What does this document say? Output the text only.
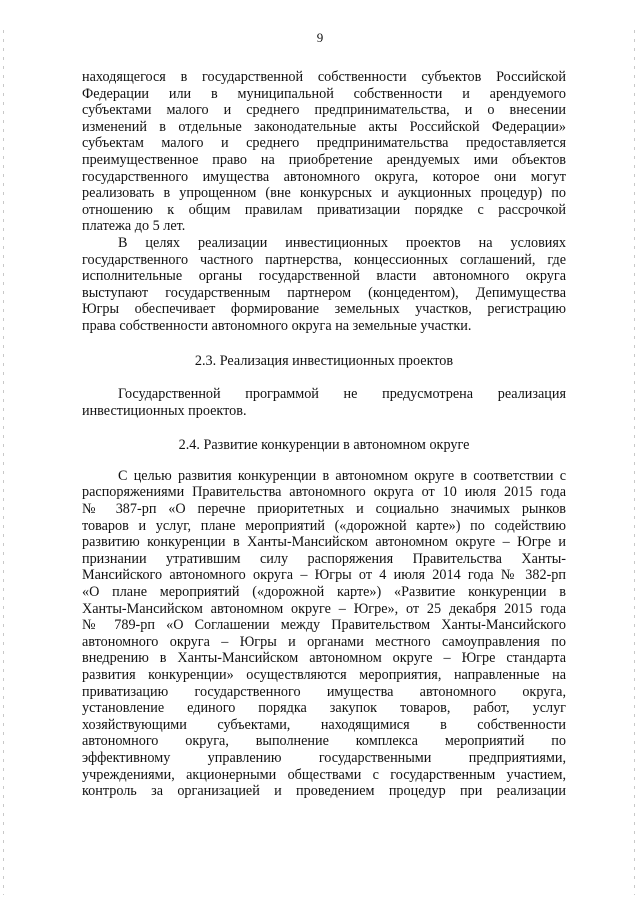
9
находящегося в государственной собственности субъектов Российской
Федерации или в муниципальной собственности и арендуемого
субъектами малого и среднего предпринимательства, и о внесении
изменений в отдельные законодательные акты Российской Федерации»
субъектам малого и среднего предпринимательства предоставляется
преимущественное право на приобретение арендуемых ими объектов
государственного имущества автономного округа, которое они могут
реализовать в упрощенном (вне конкурсных и аукционных процедур) по
отношению к общим правилам приватизации порядке с рассрочкой
платежа до 5 лет.
В целях реализации инвестиционных проектов на условиях
государственного частного партнерства, концессионных соглашений, где
исполнительные органы государственной власти автономного округа
выступают государственным партнером (концедентом), Депимущества
Югры обеспечивает формирование земельных участков, регистрацию
права собственности автономного округа на земельные участки.
2.3. Реализация инвестиционных проектов
Государственной программой не предусмотрена реализация
инвестиционных проектов.
2.4. Развитие конкуренции в автономном округе
С целью развития конкуренции в автономном округе в соответствии с
распоряжениями Правительства автономного округа от 10 июля 2015 года
№ 387-рп «О перечне приоритетных и социально значимых рынков
товаров и услуг, плане мероприятий («дорожной карте») по содействию
развитию конкуренции в Ханты-Мансийском автономном округе – Югре и
признании утратившим силу распоряжения Правительства Ханты-
Мансийского автономного округа – Югры от 4 июля 2014 года № 382-рп
«О плане мероприятий («дорожной карте») «Развитие конкуренции в
Ханты-Мансийском автономном округе – Югре», от 25 декабря 2015 года
№ 789-рп «О Соглашении между Правительством Ханты-Мансийского
автономного округа – Югры и органами местного самоуправления по
внедрению в Ханты-Мансийском автономном округе – Югре стандарта
развития конкуренции» осуществляются мероприятия, направленные на
приватизацию государственного имущества автономного округа,
установление единого порядка закупок товаров, работ, услуг
хозяйствующими субъектами, находящимися в собственности
автономного округа, выполнение комплекса мероприятий по
эффективному управлению государственными предприятиями,
учреждениями, акционерными обществами с государственным участием,
контроль за организацией и проведением процедур при реализации
